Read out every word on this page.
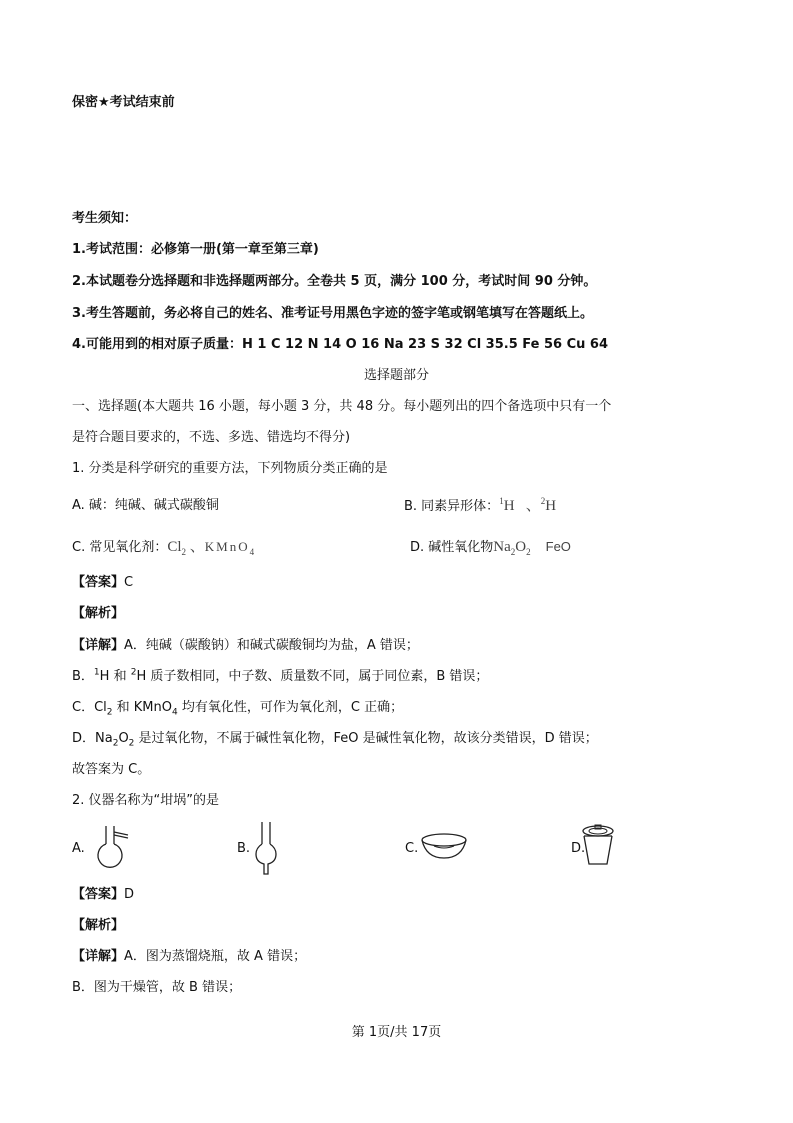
保密★考试结束前
考生须知：
1.考试范围：必修第一册(第一章至第三章)
2.本试题卷分选择题和非选择题两部分。全卷共 5 页，满分 100 分，考试时间 90 分钟。
3.考生答题前，务必将自己的姓名、准考证号用黑色字迹的签字笔或钢笔填写在答题纸上。
4.可能用到的相对原子质量：H 1 C 12 N 14 O 16 Na 23 S 32 Cl 35.5 Fe 56 Cu 64
选择题部分
一、选择题(本大题共 16 小题，每小题 3 分，共 48 分。每小题列出的四个备选项中只有一个
是符合题目要求的，不选、多选、错选均不得分)
1. 分类是科学研究的重要方法，下列物质分类正确的是
A. 碱：纯碱、碱式碳酸铜	B. 同素异形体：$^1$H 、$^2$H
C. 常见氧化剂：$Cl_2$ 、KMnO$_4$	D. 碱性氧化物$Na_2O_2$ FeO
【答案】C
【解析】
【详解】A．纯碱（碳酸钠）和碱式碳酸铜均为盐，A 错误；
B．$^1$H 和 $^2$H 质子数相同，中子数、质量数不同，属于同位素，B 错误；
C．$Cl_2$ 和 KMnO$_4$ 均有氧化性，可作为氧化剂，C 正确；
D．$Na_2O_2$ 是过氧化物，不属于碱性氧化物，FeO 是碱性氧化物，故该分类错误，D 错误；
故答案为 C。
2. 仪器名称为“坩埚”的是
A.	B.	C.	D.
【答案】D
【解析】
【详解】A．图为蒸馏烧瓶，故 A 错误；
B．图为干燥管，故 B 错误；
第 1页/共 17页
